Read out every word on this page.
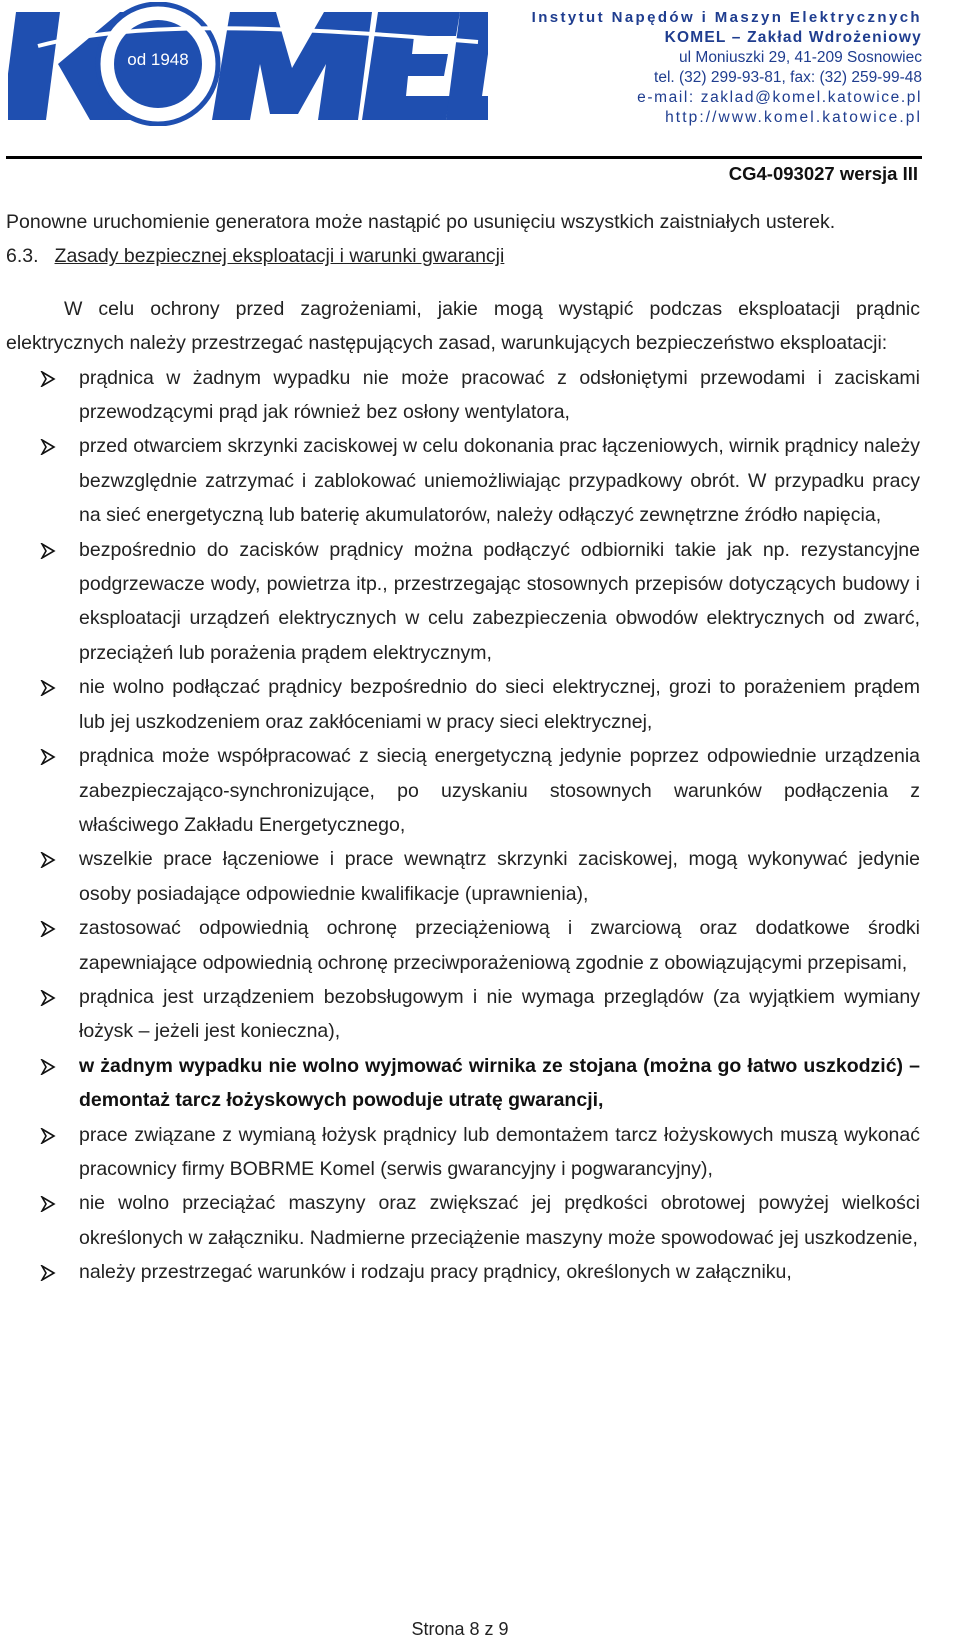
od 1948
Instytut Napędów i Maszyn Elektrycznych
KOMEL – Zakład Wdrożeniowy
ul Moniuszki 29, 41-209 Sosnowiec
tel. (32) 299-93-81, fax: (32) 259-99-48
e-mail: zaklad@komel.katowice.pl
http://www.komel.katowice.pl
CG4-093027 wersja III

Ponowne uruchomienie generatora może nastąpić po usunięciu wszystkich zaistniałych usterek.

6.3. Zasady bezpiecznej eksploatacji i warunki gwarancji

W celu ochrony przed zagrożeniami, jakie mogą wystąpić podczas eksploatacji prądnic elektrycznych należy przestrzegać następujących zasad, warunkujących bezpieczeństwo eksploatacji:

prądnica w żadnym wypadku nie może pracować z odsłoniętymi przewodami i zaciskami przewodzącymi prąd jak również bez osłony wentylatora,
przed otwarciem skrzynki zaciskowej w celu dokonania prac łączeniowych, wirnik prądnicy należy bezwzględnie zatrzymać i zablokować uniemożliwiając przypadkowy obrót. W przypadku pracy na sieć energetyczną lub baterię akumulatorów, należy odłączyć zewnętrzne źródło napięcia,
bezpośrednio do zacisków prądnicy można podłączyć odbiorniki takie jak np. rezystancyjne podgrzewacze wody, powietrza itp., przestrzegając stosownych przepisów dotyczących budowy i eksploatacji urządzeń elektrycznych w celu zabezpieczenia obwodów elektrycznych od zwarć, przeciążeń lub porażenia prądem elektrycznym,
nie wolno podłączać prądnicy bezpośrednio do sieci elektrycznej, grozi to porażeniem prądem lub jej uszkodzeniem oraz zakłóceniami w pracy sieci elektrycznej,
prądnica może współpracować z siecią energetyczną jedynie poprzez odpowiednie urządzenia zabezpieczająco-synchronizujące, po uzyskaniu stosownych warunków podłączenia z właściwego Zakładu Energetycznego,
wszelkie prace łączeniowe i prace wewnątrz skrzynki zaciskowej, mogą wykonywać jedynie osoby posiadające odpowiednie kwalifikacje (uprawnienia),
zastosować odpowiednią ochronę przeciążeniową i zwarciową oraz dodatkowe środki zapewniające odpowiednią ochronę przeciwporażeniową zgodnie z obowiązującymi przepisami,
prądnica jest urządzeniem bezobsługowym i nie wymaga przeglądów (za wyjątkiem wymiany łożysk – jeżeli jest konieczna),
w żadnym wypadku nie wolno wyjmować wirnika ze stojana (można go łatwo uszkodzić) – demontaż tarcz łożyskowych powoduje utratę gwarancji,
prace związane z wymianą łożysk prądnicy lub demontażem tarcz łożyskowych muszą wykonać pracownicy firmy BOBRME Komel (serwis gwarancyjny i pogwarancyjny),
nie wolno przeciążać maszyny oraz zwiększać jej prędkości obrotowej powyżej wielkości określonych w załączniku. Nadmierne przeciążenie maszyny może spowodować jej uszkodzenie,
należy przestrzegać warunków i rodzaju pracy prądnicy, określonych w załączniku,
Strona 8 z 9
